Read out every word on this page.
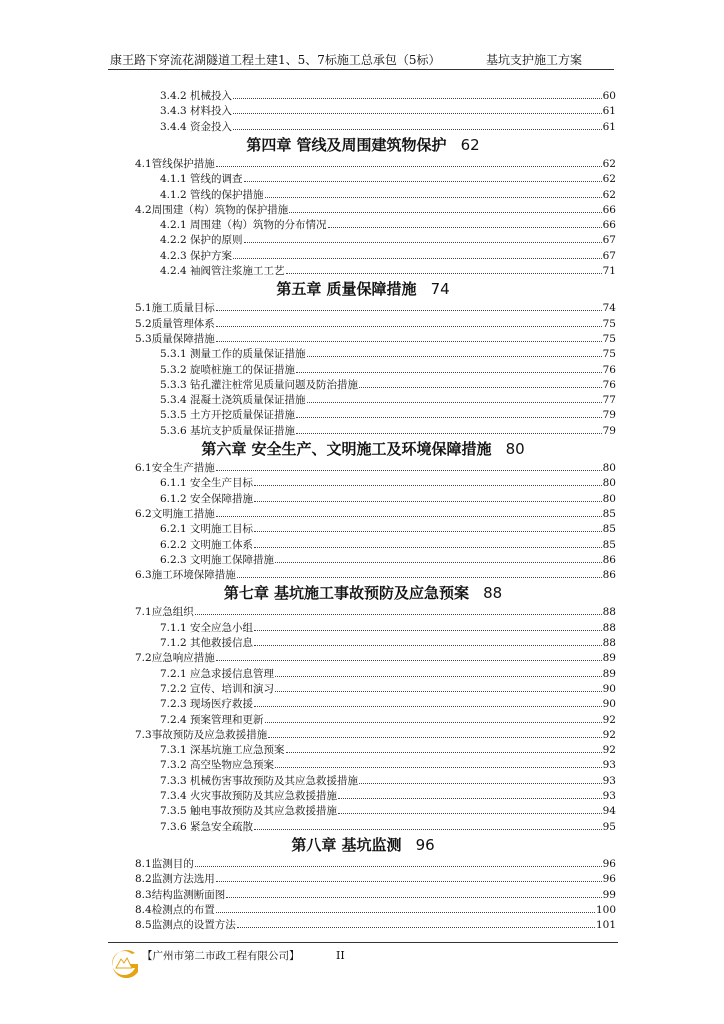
康王路下穿流花湖隧道工程土建1、5、7标施工总承包（5标）	基坑支护施工方案
3.4.2 机械投入	60
3.4.3 材料投入	61
3.4.4 资金投入	61
第四章 管线及周围建筑物保护 62
4.1管线保护措施	62
4.1.1 管线的调查	62
4.1.2 管线的保护措施	62
4.2周围建（构）筑物的保护措施	66
4.2.1 周围建（构）筑物的分布情况	66
4.2.2 保护的原则	67
4.2.3 保护方案	67
4.2.4 袖阀管注浆施工工艺	71
第五章 质量保障措施 74
5.1施工质量目标	74
5.2质量管理体系	75
5.3质量保障措施	75
5.3.1 测量工作的质量保证措施	75
5.3.2 旋喷桩施工的保证措施	76
5.3.3 钻孔灌注桩常见质量问题及防治措施	76
5.3.4 混凝土浇筑质量保证措施	77
5.3.5 土方开挖质量保证措施	79
5.3.6 基坑支护质量保证措施	79
第六章 安全生产、文明施工及环境保障措施 80
6.1安全生产措施	80
6.1.1 安全生产目标	80
6.1.2 安全保障措施	80
6.2文明施工措施	85
6.2.1 文明施工目标	85
6.2.2 文明施工体系	85
6.2.3 文明施工保障措施	86
6.3施工环境保障措施	86
第七章 基坑施工事故预防及应急预案 88
7.1应急组织	88
7.1.1 安全应急小组	88
7.1.2 其他救援信息	88
7.2应急响应措施	89
7.2.1 应急求援信息管理	89
7.2.2 宣传、培训和演习	90
7.2.3 现场医疗救援	90
7.2.4 预案管理和更新	92
7.3事故预防及应急救援措施	92
7.3.1 深基坑施工应急预案	92
7.3.2 高空坠物应急预案	93
7.3.3 机械伤害事故预防及其应急救援措施	93
7.3.4 火灾事故预防及其应急救援措施	93
7.3.5 触电事故预防及其应急救援措施	94
7.3.6 紧急安全疏散	95
第八章 基坑监测 96
8.1监测目的	96
8.2监测方法选用	96
8.3结构监测断面图	99
8.4检测点的布置	100
8.5监测点的设置方法	101
【广州市第二市政工程有限公司】	II
